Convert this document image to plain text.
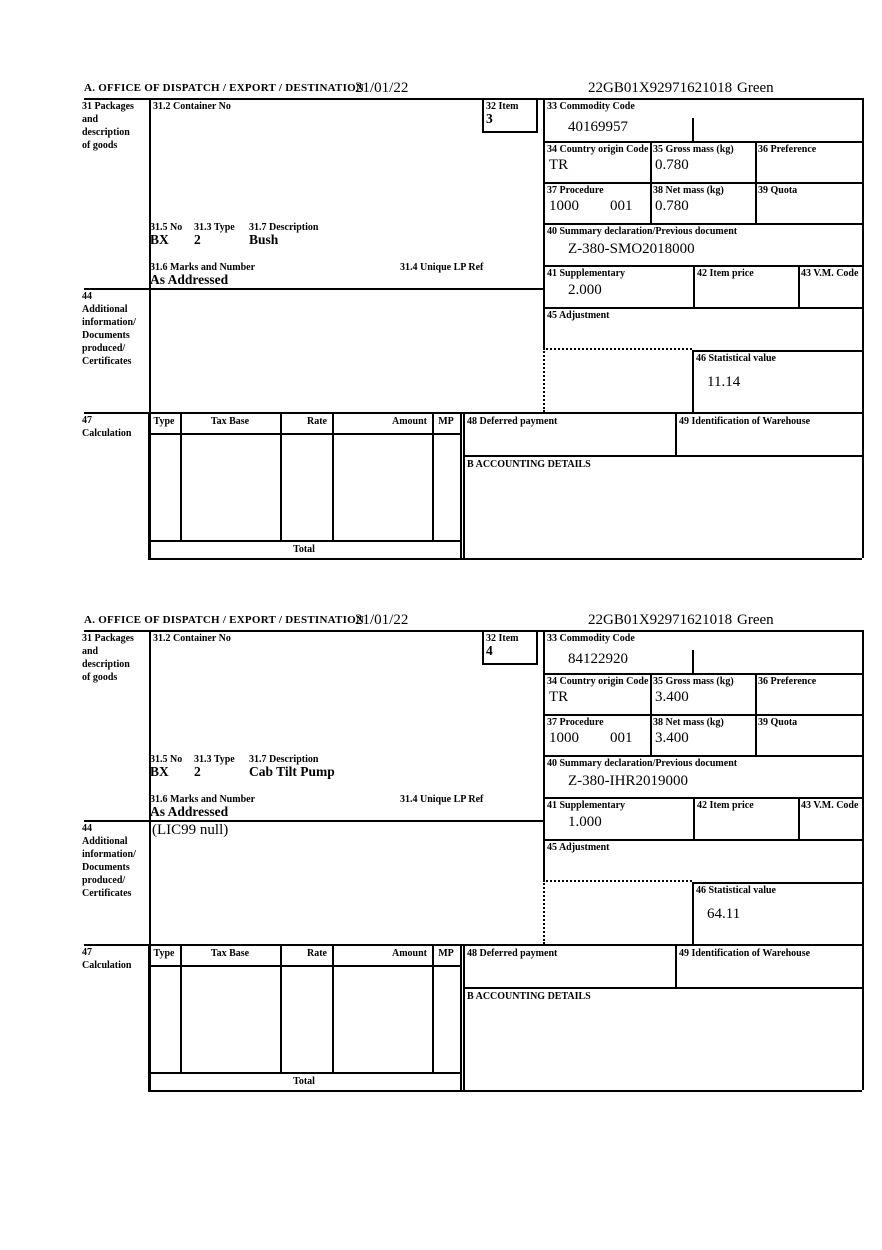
A. OFFICE OF DISPATCH / EXPORT / DESTINATION
21/01/22	22GB01X92971621018 Green
31 Packages
and
description
of goods
31.2 Container No	32 Item
3
31.5 No 31.3 Type 31.7 Description
BX 2	Bush
31.6 Marks and Number	31.4 Unique LP Ref
As Addressed
33 Commodity Code
40169957
34 Country origin Code
TR
35 Gross mass (kg)
0.780
36 Preference
37 Procedure
1000 001
38 Net mass (kg)
0.780
39 Quota
40 Summary declaration/Previous document
Z-380-SMO2018000
41 Supplementary
2.000
42 Item price	43 V.M. Code
45 Adjustment
46 Statistical value
11.14
44
Additional
information/
Documents
produced/
Certificates
47
Calculation
Type	Tax Base	Rate	Amount	MP
Total
48 Deferred payment	49 Identification of Warehouse
B ACCOUNTING DETAILS
A. OFFICE OF DISPATCH / EXPORT / DESTINATION
21/01/22	22GB01X92971621018 Green
31 Packages
and
description
of goods
31.2 Container No	32 Item
4
31.5 No 31.3 Type 31.7 Description
BX 2	Cab Tilt Pump
31.6 Marks and Number	31.4 Unique LP Ref
As Addressed
33 Commodity Code
84122920
34 Country origin Code
TR
35 Gross mass (kg)
3.400
36 Preference
37 Procedure
1000 001
38 Net mass (kg)
3.400
39 Quota
40 Summary declaration/Previous document
Z-380-IHR2019000
41 Supplementary
1.000
42 Item price	43 V.M. Code
45 Adjustment
46 Statistical value
64.11
44
Additional
information/
Documents
produced/
Certificates
(LIC99 null)
47
Calculation
Type	Tax Base	Rate	Amount	MP
Total
48 Deferred payment	49 Identification of Warehouse
B ACCOUNTING DETAILS
